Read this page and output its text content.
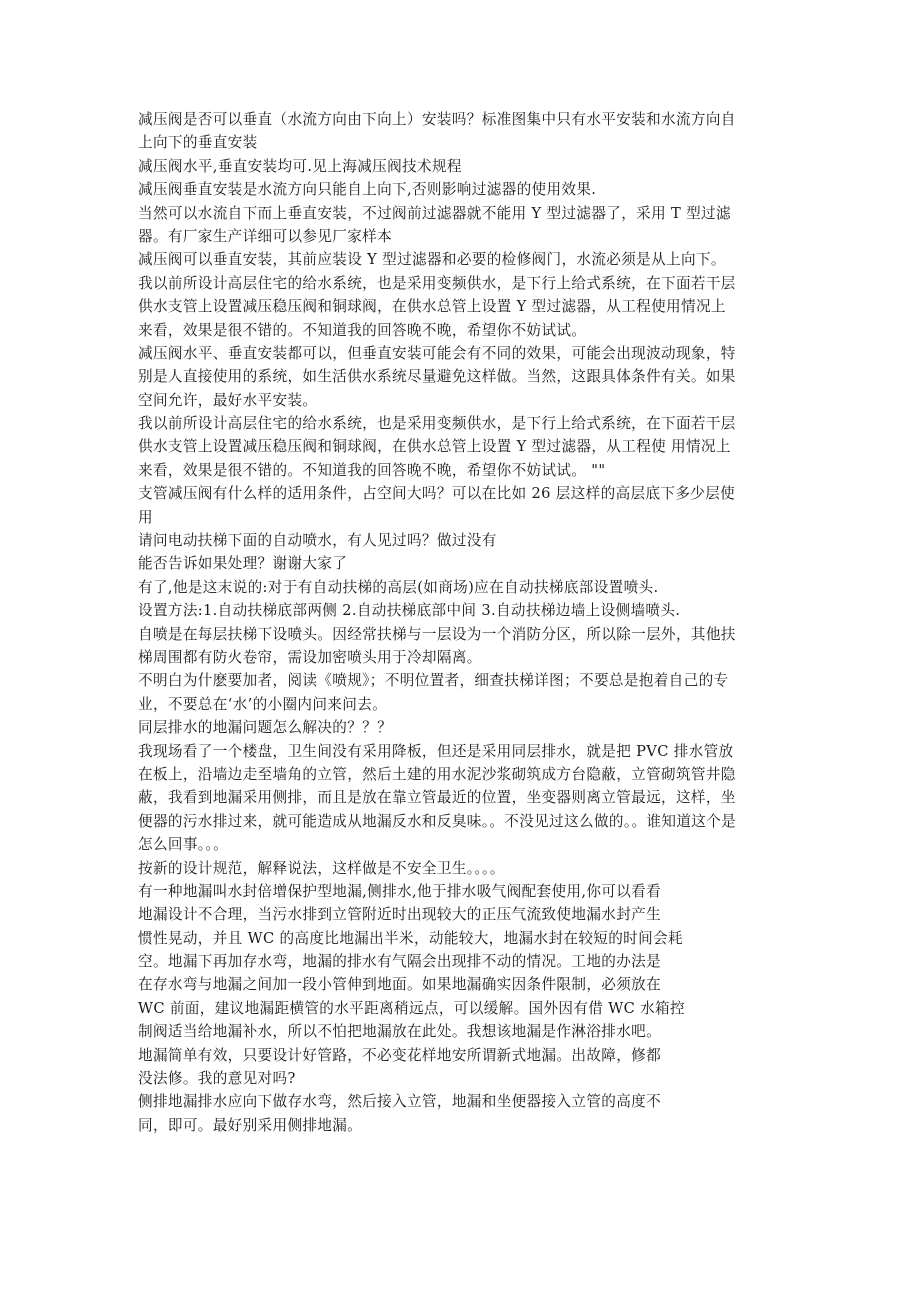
减压阀是否可以垂直（水流方向由下向上）安装吗？标准图集中只有水平安装和水流方向自
上向下的垂直安装
减压阀水平,垂直安装均可.见上海减压阀技术规程
减压阀垂直安装是水流方向只能自上向下,否则影响过滤器的使用效果.
当然可以水流自下而上垂直安装，不过阀前过滤器就不能用 Y 型过滤器了，采用 T 型过滤
器。有厂家生产详细可以参见厂家样本
减压阀可以垂直安装，其前应装设 Y 型过滤器和必要的检修阀门，水流必须是从上向下。
我以前所设计高层住宅的给水系统，也是采用变频供水，是下行上给式系统，在下面若干层
供水支管上设置减压稳压阀和铜球阀，在供水总管上设置 Y 型过滤器，从工程使用情况上
来看，效果是很不错的。不知道我的回答晚不晚，希望你不妨试试。
减压阀水平、垂直安装都可以，但垂直安装可能会有不同的效果，可能会出现波动现象，特
别是人直接使用的系统，如生活供水系统尽量避免这样做。当然，这跟具体条件有关。如果
空间允许，最好水平安装。
我以前所设计高层住宅的给水系统，也是采用变频供水，是下行上给式系统，在下面若干层
供水支管上设置减压稳压阀和铜球阀，在供水总管上设置 Y 型过滤器，从工程使 用情况上
来看，效果是很不错的。不知道我的回答晚不晚，希望你不妨试试。 ""
支管减压阀有什么样的适用条件，占空间大吗？可以在比如 26 层这样的高层底下多少层使
用
请问电动扶梯下面的自动喷水，有人见过吗？做过没有
能否告诉如果处理？谢谢大家了
有了,他是这末说的:对于有自动扶梯的高层(如商场)应在自动扶梯底部设置喷头.
设置方法:1.自动扶梯底部两侧 2.自动扶梯底部中间 3.自动扶梯边墙上设侧墙喷头.
自喷是在每层扶梯下设喷头。因经常扶梯与一层设为一个消防分区，所以除一层外，其他扶
梯周围都有防火卷帘，需设加密喷头用于冷却隔离。
不明白为什麽要加者，阅读《喷规》；不明位置者，细查扶梯详图；不要总是抱着自己的专
业，不要总在‘水’的小圈内问来问去。
同层排水的地漏问题怎么解决的？？？
我现场看了一个楼盘，卫生间没有采用降板，但还是采用同层排水，就是把 PVC 排水管放
在板上，沿墙边走至墙角的立管，然后土建的用水泥沙浆砌筑成方台隐蔽，立管砌筑管井隐
蔽，我看到地漏采用侧排，而且是放在靠立管最近的位置，坐变器则离立管最远，这样，坐
便器的污水排过来，就可能造成从地漏反水和反臭味。。不没见过这么做的。。谁知道这个是
怎么回事。。。
按新的设计规范，解释说法，这样做是不安全卫生。。。。
有一种地漏叫水封倍增保护型地漏,侧排水,他于排水吸气阀配套使用,你可以看看
地漏设计不合理，当污水排到立管附近时出现较大的正压气流致使地漏水封产生
惯性晃动，并且 WC 的高度比地漏出半米，动能较大，地漏水封在较短的时间会耗
空。地漏下再加存水弯，地漏的排水有气隔会出现排不动的情况。工地的办法是
在存水弯与地漏之间加一段小管伸到地面。如果地漏确实因条件限制，必须放在
WC 前面，建议地漏距横管的水平距离稍远点，可以缓解。国外因有借 WC 水箱控
制阀适当给地漏补水，所以不怕把地漏放在此处。我想该地漏是作淋浴排水吧。
地漏简单有效，只要设计好管路，不必变花样地安所谓新式地漏。出故障，修都
没法修。我的意见对吗?
侧排地漏排水应向下做存水弯，然后接入立管，地漏和坐便器接入立管的高度不
同，即可。最好别采用侧排地漏。
